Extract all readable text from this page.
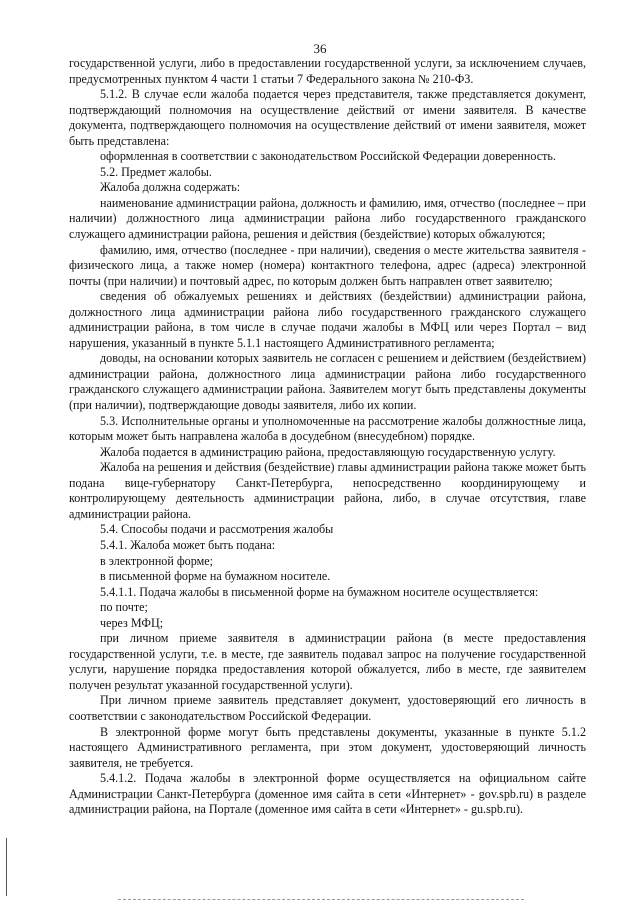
36

государственной услуги, либо в предоставлении государственной услуги, за исключением случаев, предусмотренных пунктом 4 части 1 статьи 7 Федерального закона № 210-ФЗ.

5.1.2. В случае если жалоба подается через представителя, также представляется документ, подтверждающий полномочия на осуществление действий от имени заявителя. В качестве документа, подтверждающего полномочия на осуществление действий от имени заявителя, может быть представлена:

оформленная в соответствии с законодательством Российской Федерации доверенность.

5.2. Предмет жалобы.

Жалоба должна содержать:

наименование администрации района, должность и фамилию, имя, отчество (последнее – при наличии) должностного лица администрации района либо государственного гражданского служащего администрации района, решения и действия (бездействие) которых обжалуются;

фамилию, имя, отчество (последнее - при наличии), сведения о месте жительства заявителя - физического лица, а также номер (номера) контактного телефона, адрес (адреса) электронной почты (при наличии) и почтовый адрес, по которым должен быть направлен ответ заявителю;

сведения об обжалуемых решениях и действиях (бездействии) администрации района, должностного лица администрации района либо государственного гражданского служащего администрации района, в том числе в случае подачи жалобы в МФЦ или через Портал – вид нарушения, указанный в пункте 5.1.1 настоящего Административного регламента;

доводы, на основании которых заявитель не согласен с решением и действием (бездействием) администрации района, должностного лица администрации района либо государственного гражданского служащего администрации района. Заявителем могут быть представлены документы (при наличии), подтверждающие доводы заявителя, либо их копии.

5.3. Исполнительные органы и уполномоченные на рассмотрение жалобы должностные лица, которым может быть направлена жалоба в досудебном (внесудебном) порядке.

Жалоба подается в администрацию района, предоставляющую государственную услугу.

Жалоба на решения и действия (бездействие) главы администрации района также может быть подана вице-губернатору Санкт-Петербурга, непосредственно координирующему и контролирующему деятельность администрации района, либо, в случае отсутствия, главе администрации района.

5.4. Способы подачи и рассмотрения жалобы

5.4.1. Жалоба может быть подана:

в электронной форме;

в письменной форме на бумажном носителе.

5.4.1.1. Подача жалобы в письменной форме на бумажном носителе осуществляется:

по почте;

через МФЦ;

при личном приеме заявителя в администрации района (в месте предоставления государственной услуги, т.е. в месте, где заявитель подавал запрос на получение государственной услуги, нарушение порядка предоставления которой обжалуется, либо в месте, где заявителем получен результат указанной государственной услуги).

При личном приеме заявитель представляет документ, удостоверяющий его личность в соответствии с законодательством Российской Федерации.

В электронной форме могут быть представлены документы, указанные в пункте 5.1.2 настоящего Административного регламента, при этом документ, удостоверяющий личность заявителя, не требуется.

5.4.1.2. Подача жалобы в электронной форме осуществляется на официальном сайте Администрации Санкт-Петербурга (доменное имя сайта в сети «Интернет» - gov.spb.ru) в разделе администрации района, на Портале (доменное имя сайта в сети «Интернет» - gu.spb.ru).
